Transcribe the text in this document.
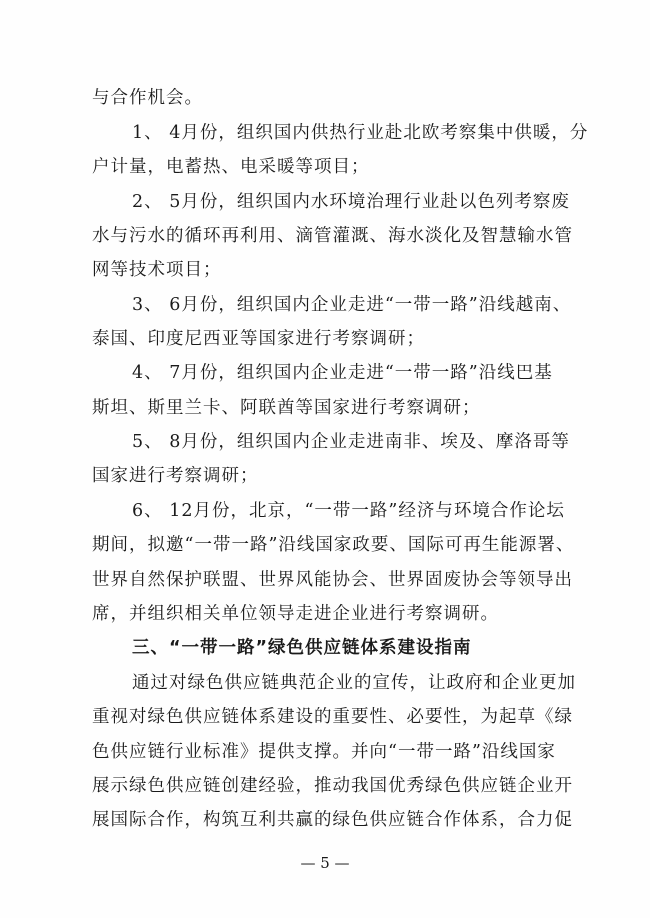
与合作机会。
1、 4月份，组织国内供热行业赴北欧考察集中供暖，分
户计量，电蓄热、电采暖等项目；
2、 5月份，组织国内水环境治理行业赴以色列考察废
水与污水的循环再利用、滴管灌溉、海水淡化及智慧输水管
网等技术项目；
3、 6月份，组织国内企业走进“一带一路”沿线越南、
泰国、印度尼西亚等国家进行考察调研；
4、 7月份，组织国内企业走进“一带一路”沿线巴基
斯坦、斯里兰卡、阿联酋等国家进行考察调研；
5、 8月份，组织国内企业走进南非、埃及、摩洛哥等
国家进行考察调研；
6、 12月份，北京，“一带一路”经济与环境合作论坛
期间，拟邀“一带一路”沿线国家政要、国际可再生能源署、
世界自然保护联盟、世界风能协会、世界固废协会等领导出
席，并组织相关单位领导走进企业进行考察调研。
三、“一带一路”绿色供应链体系建设指南
通过对绿色供应链典范企业的宣传，让政府和企业更加
重视对绿色供应链体系建设的重要性、必要性，为起草《绿
色供应链行业标准》提供支撑。并向“一带一路”沿线国家
展示绿色供应链创建经验，推动我国优秀绿色供应链企业开
展国际合作，构筑互利共赢的绿色供应链合作体系，合力促
— 5 —
